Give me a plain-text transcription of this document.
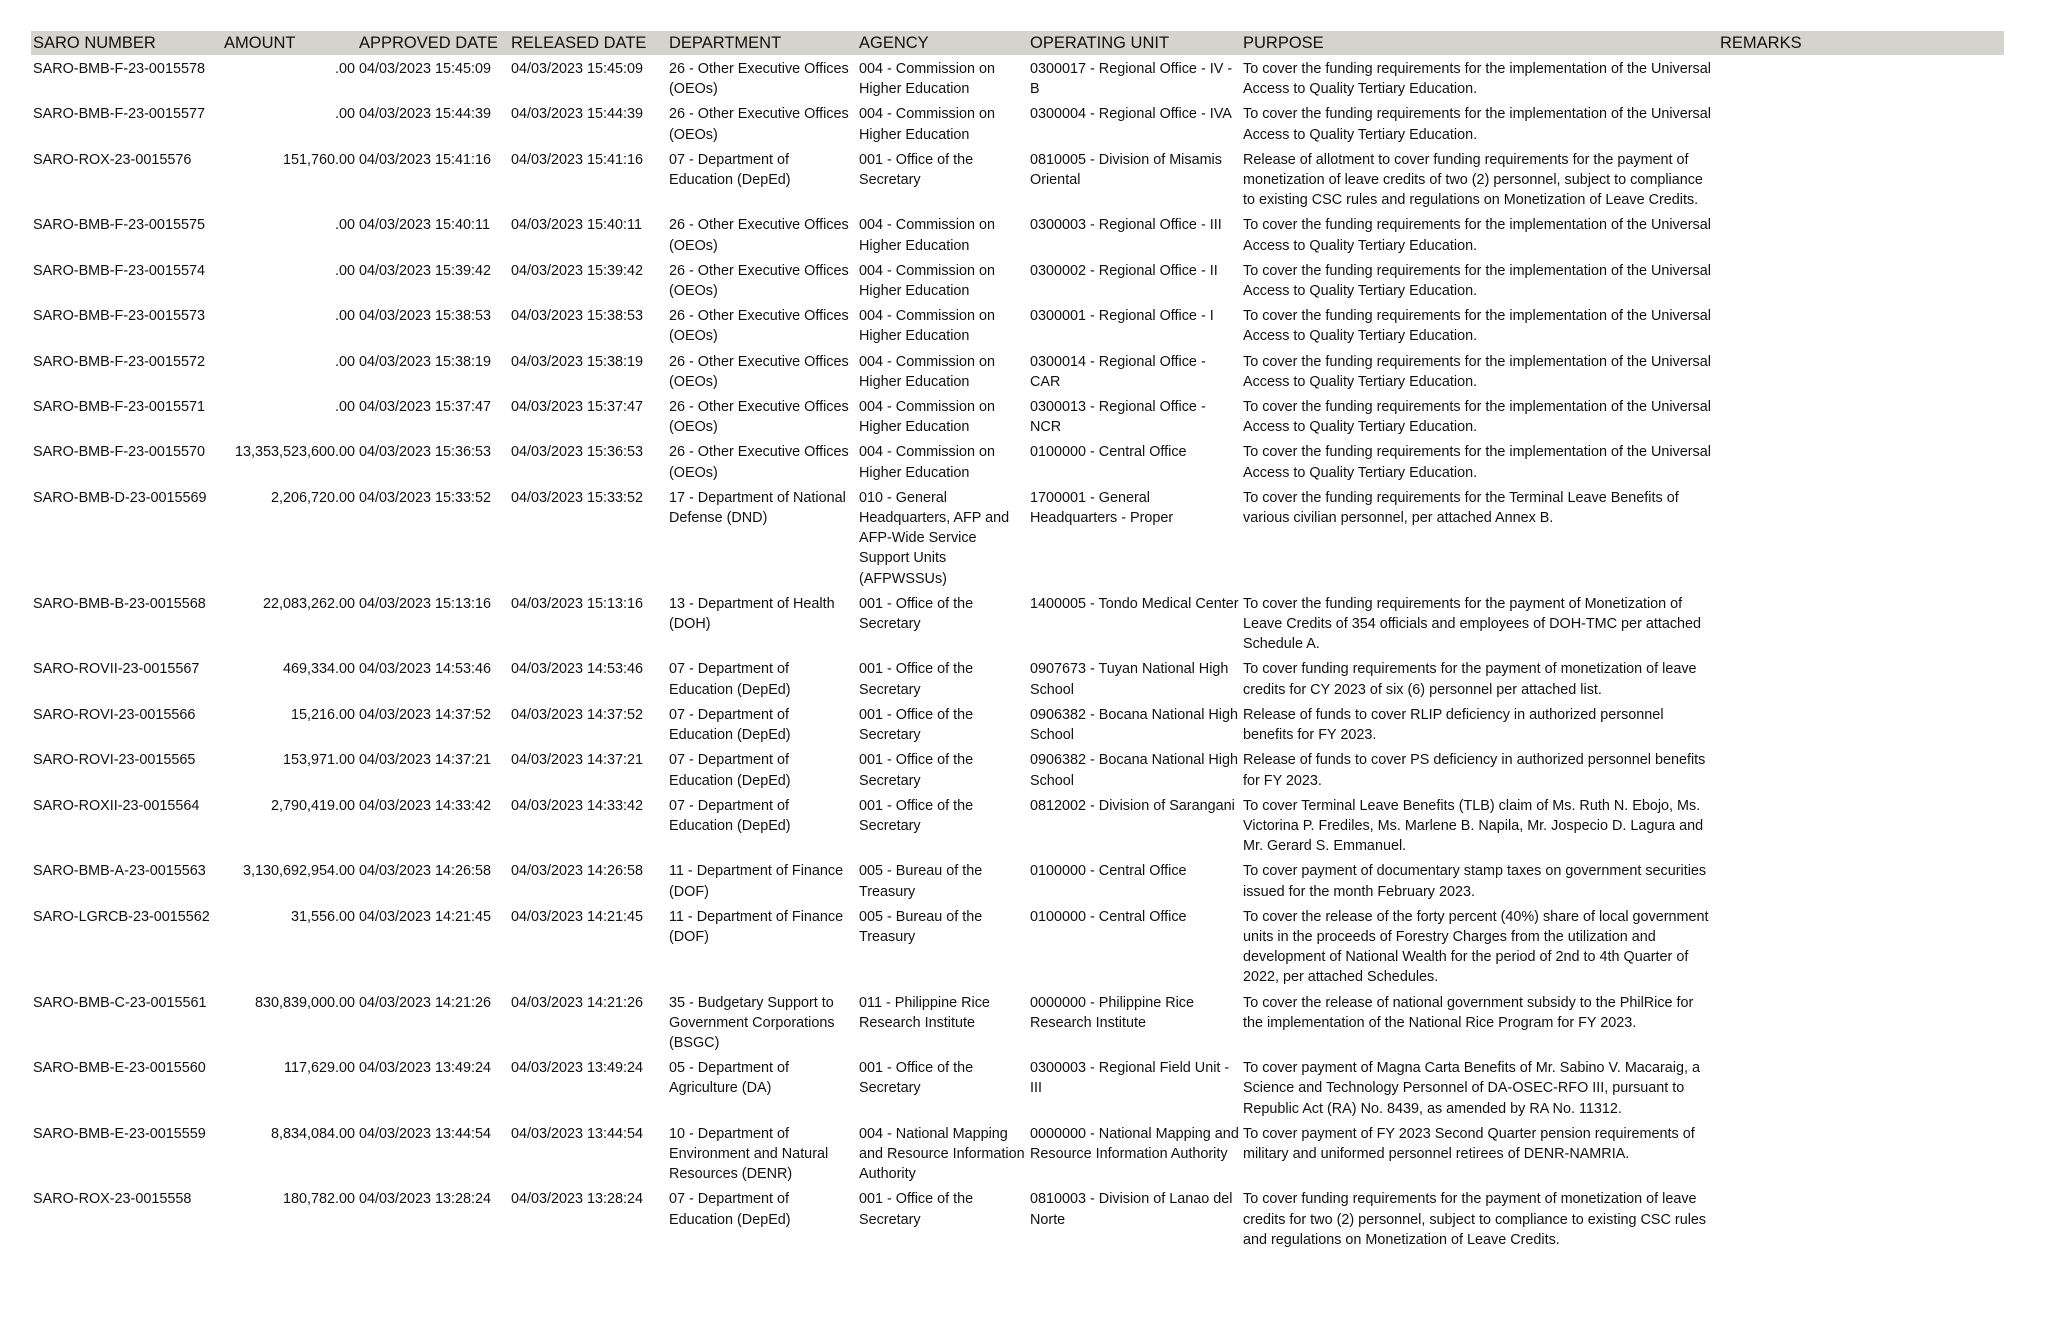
SARO NUMBER	AMOUNT	APPROVED DATE	RELEASED DATE	DEPARTMENT	AGENCY	OPERATING UNIT	PURPOSE	REMARKS
SARO-BMB-F-23-0015578	.00	04/03/2023 15:45:09	04/03/2023 15:45:09	26 - Other Executive Offices (OEOs)	004 - Commission on Higher Education	0300017 - Regional Office - IV - B	To cover the funding requirements for the implementation of the Universal Access to Quality Tertiary Education.	
SARO-BMB-F-23-0015577	.00	04/03/2023 15:44:39	04/03/2023 15:44:39	26 - Other Executive Offices (OEOs)	004 - Commission on Higher Education	0300004 - Regional Office - IVA	To cover the funding requirements for the implementation of the Universal Access to Quality Tertiary Education.	
SARO-ROX-23-0015576	151,760.00	04/03/2023 15:41:16	04/03/2023 15:41:16	07 - Department of Education (DepEd)	001 - Office of the Secretary	0810005 - Division of Misamis Oriental	Release of allotment to cover funding requirements for the payment of monetization of leave credits of two (2) personnel, subject to compliance to existing CSC rules and regulations on Monetization of Leave Credits.	
SARO-BMB-F-23-0015575	.00	04/03/2023 15:40:11	04/03/2023 15:40:11	26 - Other Executive Offices (OEOs)	004 - Commission on Higher Education	0300003 - Regional Office - III	To cover the funding requirements for the implementation of the Universal Access to Quality Tertiary Education.	
SARO-BMB-F-23-0015574	.00	04/03/2023 15:39:42	04/03/2023 15:39:42	26 - Other Executive Offices (OEOs)	004 - Commission on Higher Education	0300002 - Regional Office - II	To cover the funding requirements for the implementation of the Universal Access to Quality Tertiary Education.	
SARO-BMB-F-23-0015573	.00	04/03/2023 15:38:53	04/03/2023 15:38:53	26 - Other Executive Offices (OEOs)	004 - Commission on Higher Education	0300001 - Regional Office - I	To cover the funding requirements for the implementation of the Universal Access to Quality Tertiary Education.	
SARO-BMB-F-23-0015572	.00	04/03/2023 15:38:19	04/03/2023 15:38:19	26 - Other Executive Offices (OEOs)	004 - Commission on Higher Education	0300014 - Regional Office - CAR	To cover the funding requirements for the implementation of the Universal Access to Quality Tertiary Education.	
SARO-BMB-F-23-0015571	.00	04/03/2023 15:37:47	04/03/2023 15:37:47	26 - Other Executive Offices (OEOs)	004 - Commission on Higher Education	0300013 - Regional Office - NCR	To cover the funding requirements for the implementation of the Universal Access to Quality Tertiary Education.	
SARO-BMB-F-23-0015570	13,353,523,600.00	04/03/2023 15:36:53	04/03/2023 15:36:53	26 - Other Executive Offices (OEOs)	004 - Commission on Higher Education	0100000 - Central Office	To cover the funding requirements for the implementation of the Universal Access to Quality Tertiary Education.	
SARO-BMB-D-23-0015569	2,206,720.00	04/03/2023 15:33:52	04/03/2023 15:33:52	17 - Department of National Defense (DND)	010 - General Headquarters, AFP and AFP-Wide Service Support Units (AFPWSSUs)	1700001 - General Headquarters - Proper	To cover the funding requirements for the Terminal Leave Benefits of various civilian personnel, per attached Annex B.	
SARO-BMB-B-23-0015568	22,083,262.00	04/03/2023 15:13:16	04/03/2023 15:13:16	13 - Department of Health (DOH)	001 - Office of the Secretary	1400005 - Tondo Medical Center	To cover the funding requirements for the payment of Monetization of Leave Credits of 354 officials and employees of DOH-TMC per attached Schedule A.	
SARO-ROVII-23-0015567	469,334.00	04/03/2023 14:53:46	04/03/2023 14:53:46	07 - Department of Education (DepEd)	001 - Office of the Secretary	0907673 - Tuyan National High School	To cover funding requirements for the payment of monetization of leave credits for CY 2023 of six (6) personnel per attached list.	
SARO-ROVI-23-0015566	15,216.00	04/03/2023 14:37:52	04/03/2023 14:37:52	07 - Department of Education (DepEd)	001 - Office of the Secretary	0906382 - Bocana National High School	Release of funds to cover RLIP deficiency in authorized personnel benefits for FY 2023.	
SARO-ROVI-23-0015565	153,971.00	04/03/2023 14:37:21	04/03/2023 14:37:21	07 - Department of Education (DepEd)	001 - Office of the Secretary	0906382 - Bocana National High School	Release of funds to cover PS deficiency in authorized personnel benefits for FY 2023.	
SARO-ROXII-23-0015564	2,790,419.00	04/03/2023 14:33:42	04/03/2023 14:33:42	07 - Department of Education (DepEd)	001 - Office of the Secretary	0812002 - Division of Sarangani	To cover Terminal Leave Benefits (TLB) claim of Ms. Ruth N. Ebojo, Ms. Victorina P. Frediles, Ms. Marlene B. Napila, Mr. Jospecio D. Lagura and Mr. Gerard S. Emmanuel.	
SARO-BMB-A-23-0015563	3,130,692,954.00	04/03/2023 14:26:58	04/03/2023 14:26:58	11 - Department of Finance (DOF)	005 - Bureau of the Treasury	0100000 - Central Office	To cover payment of documentary stamp taxes on government securities issued for the month February 2023.	
SARO-LGRCB-23-0015562	31,556.00	04/03/2023 14:21:45	04/03/2023 14:21:45	11 - Department of Finance (DOF)	005 - Bureau of the Treasury	0100000 - Central Office	To cover the release of the forty percent (40%) share of local government units in the proceeds of Forestry Charges from the utilization and development of National Wealth for the period of 2nd to 4th Quarter of 2022, per attached Schedules.	
SARO-BMB-C-23-0015561	830,839,000.00	04/03/2023 14:21:26	04/03/2023 14:21:26	35 - Budgetary Support to Government Corporations (BSGC)	011 - Philippine Rice Research Institute	0000000 - Philippine Rice Research Institute	To cover the release of national government subsidy to the PhilRice for the implementation of the National Rice Program for FY 2023.	
SARO-BMB-E-23-0015560	117,629.00	04/03/2023 13:49:24	04/03/2023 13:49:24	05 - Department of Agriculture (DA)	001 - Office of the Secretary	0300003 - Regional Field Unit - III	To cover payment of Magna Carta Benefits of Mr. Sabino V. Macaraig, a Science and Technology Personnel of DA-OSEC-RFO III, pursuant to Republic Act (RA) No. 8439, as amended by RA No. 11312.	
SARO-BMB-E-23-0015559	8,834,084.00	04/03/2023 13:44:54	04/03/2023 13:44:54	10 - Department of Environment and Natural Resources (DENR)	004 - National Mapping and Resource Information Authority	0000000 - National Mapping and Resource Information Authority	To cover payment of FY 2023 Second Quarter pension requirements of military and uniformed personnel retirees of DENR-NAMRIA.	
SARO-ROX-23-0015558	180,782.00	04/03/2023 13:28:24	04/03/2023 13:28:24	07 - Department of Education (DepEd)	001 - Office of the Secretary	0810003 - Division of Lanao del Norte	To cover funding requirements for the payment of monetization of leave credits for two (2) personnel, subject to compliance to existing CSC rules and regulations on Monetization of Leave Credits.	
